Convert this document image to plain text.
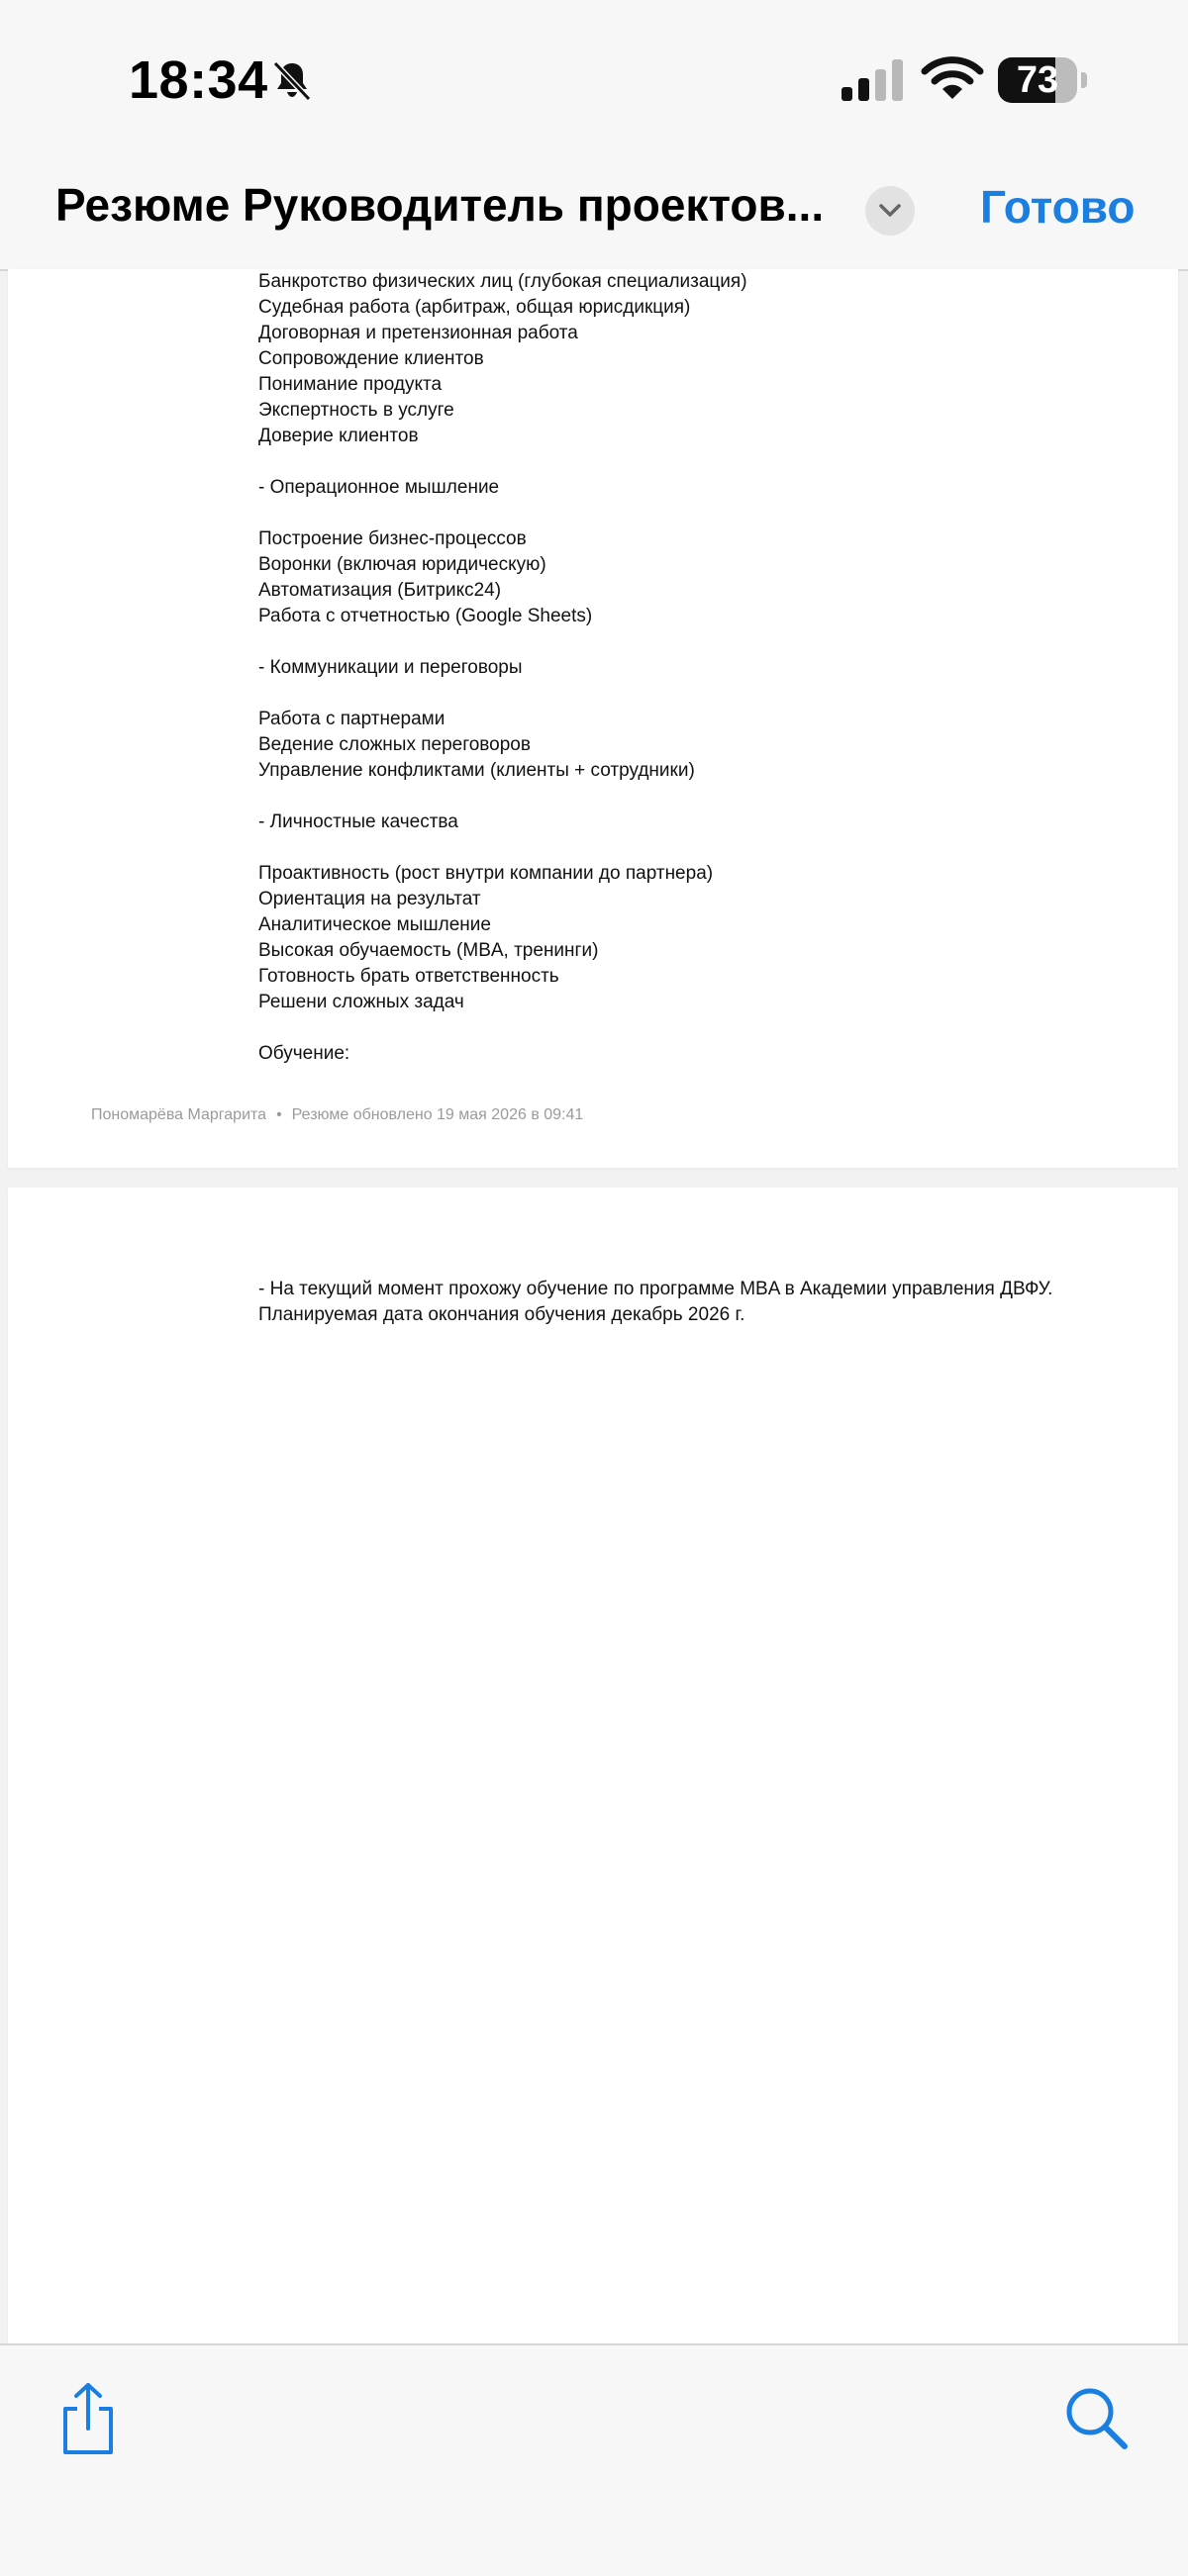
18:34	73
Резюме Руководитель проектов...	Готово
Банкротство физических лиц (глубокая специализация)
Судебная работа (арбитраж, общая юрисдикция)
Договорная и претензионная работа
Сопровождение клиентов
Понимание продукта
Экспертность в услуге
Доверие клиентов
- Операционное мышление
Построение бизнес-процессов
Воронки (включая юридическую)
Автоматизация (Битрикс24)
Работа с отчетностью (Google Sheets)
- Коммуникации и переговоры
Работа с партнерами
Ведение сложных переговоров
Управление конфликтами (клиенты + сотрудники)
- Личностные качества
Проактивность (рост внутри компании до партнера)
Ориентация на результат
Аналитическое мышление
Высокая обучаемость (MBA, тренинги)
Готовность брать ответственность
Решени сложных задач
Обучение:
Пономарёва Маргарита • Резюме обновлено 19 мая 2026 в 09:41
- На текущий момент прохожу обучение по программе MBA в Академии управления ДВФУ.
Планируемая дата окончания обучения декабрь 2026 г.
